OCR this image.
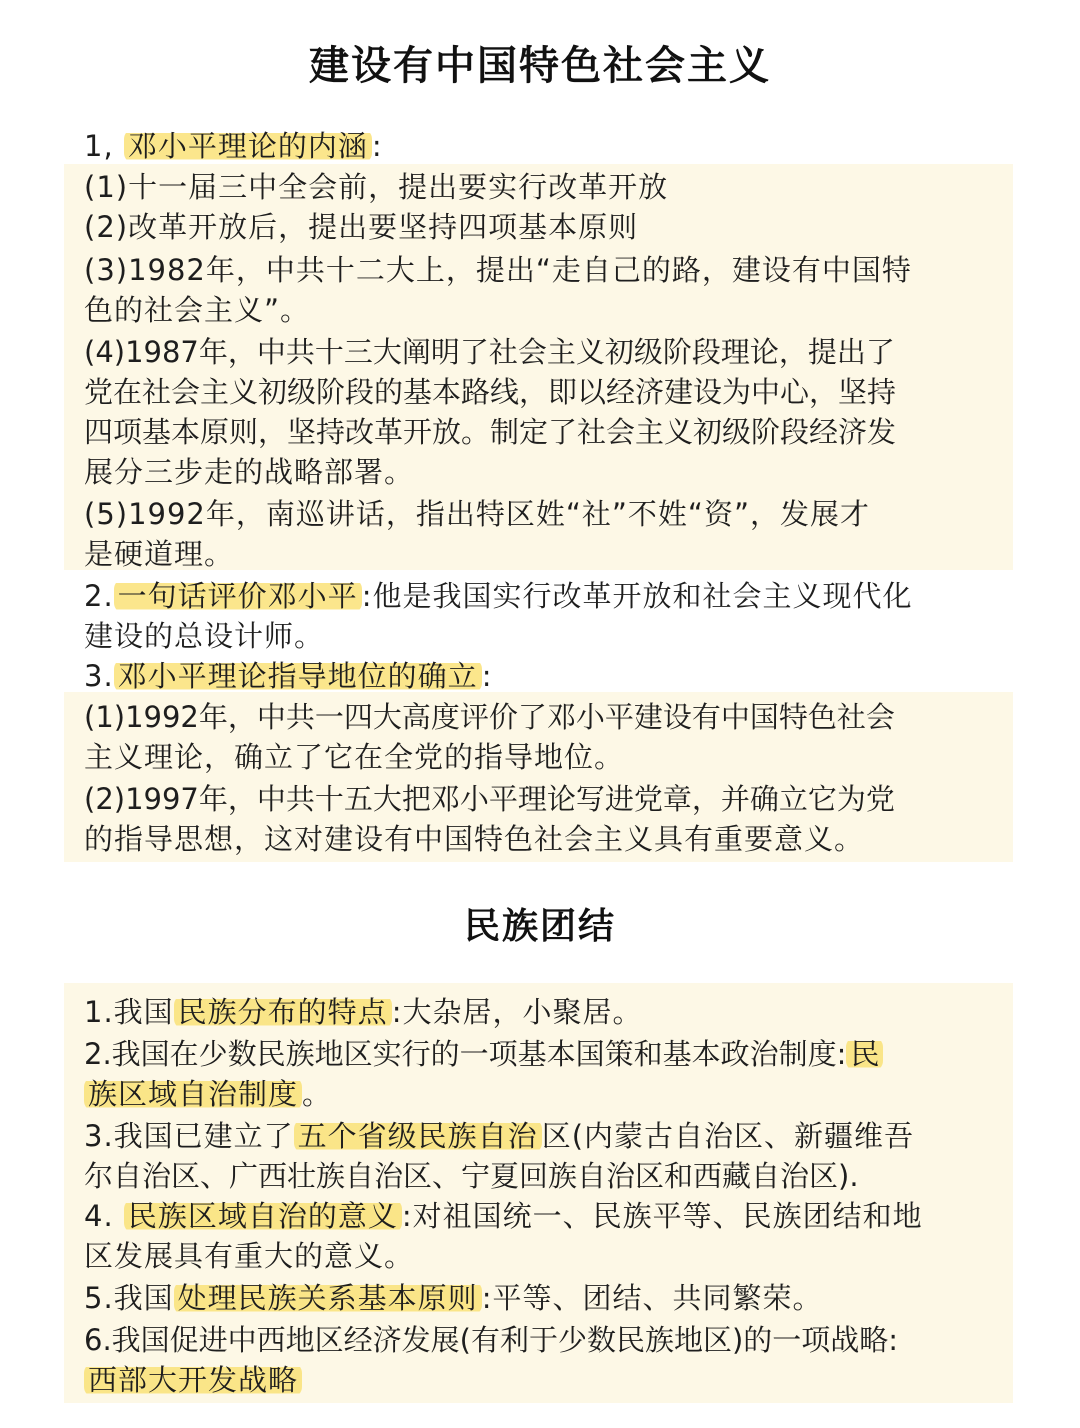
建设有中国特色社会主义
1, 邓小平理论的内涵 :
(1)十一届三中全会前，提出要实行改革开放
(2)改革开放后，提出要坚持四项基本原则
(3)1982年，中共十二大上，提出“走自己的路，建设有中国特
色的社会主义”。
(4)1987年，中共十三大阐明了社会主义初级阶段理论，提出了
党在社会主义初级阶段的基本路线，即以经济建设为中心，坚持
四项基本原则，坚持改革开放。制定了社会主义初级阶段经济发
展分三步走的战略部署。
(5)1992年，南巡讲话，指出特区姓“社”不姓“资”，发展才
是硬道理。
2. 一句话评价邓小平 :他是我国实行改革开放和社会主义现代化
建设的总设计师。
3. 邓小平理论指导地位的确立 :
(1)1992年，中共一四大高度评价了邓小平建设有中国特色社会
主义理论，确立了它在全党的指导地位。
(2)1997年，中共十五大把邓小平理论写进党章，并确立它为党
的指导思想，这对建设有中国特色社会主义具有重要意义。
民族团结
1.我国 民族分布的特点 :大杂居，小聚居。
2.我国在少数民族地区实行的一项基本国策和基本政治制度: 民
族区域自治制度 。
3.我国已建立了 五个省级民族自治 区(内蒙古自治区、新疆维吾
尔自治区、广西壮族自治区、宁夏回族自治区和西藏自治区).
4. 民族区域自治的意义 :对祖国统一、民族平等、民族团结和地
区发展具有重大的意义。
5.我国 处理民族关系基本原则 :平等、团结、共同繁荣。
6.我国促进中西地区经济发展(有利于少数民族地区)的一项战略:
西部大开发战略
